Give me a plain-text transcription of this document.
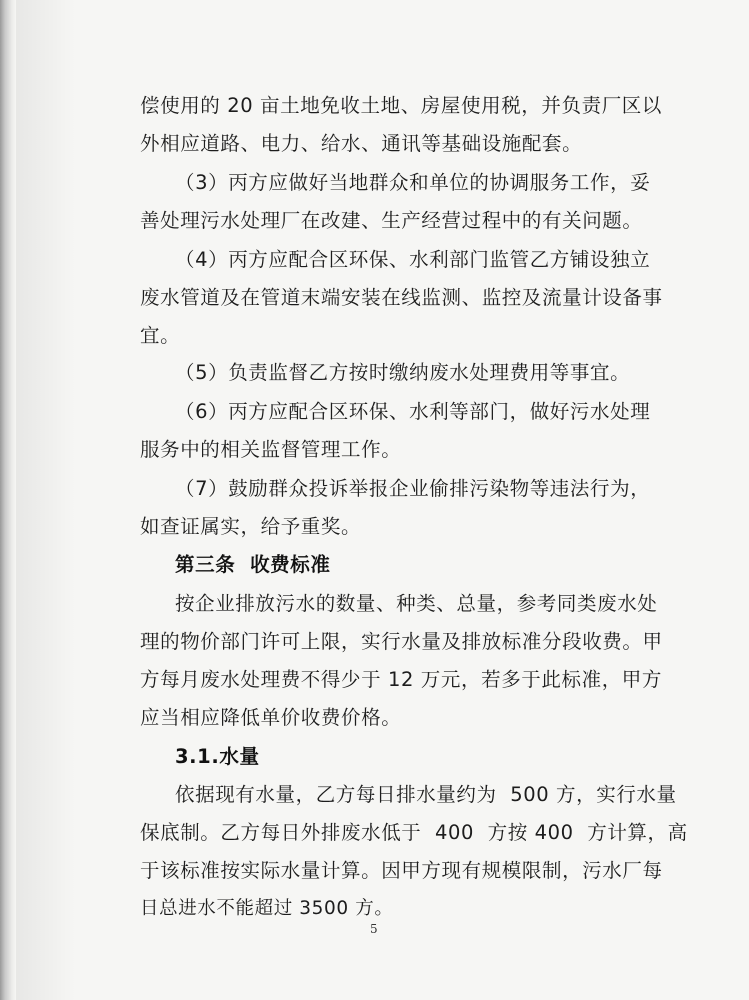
偿使用的 20 亩土地免收土地、房屋使用税，并负责厂区以
外相应道路、电力、给水、通讯等基础设施配套。
（3）丙方应做好当地群众和单位的协调服务工作，妥
善处理污水处理厂在改建、生产经营过程中的有关问题。
（4）丙方应配合区环保、水利部门监管乙方铺设独立
废水管道及在管道末端安装在线监测、监控及流量计设备事
宜。
（5）负责监督乙方按时缴纳废水处理费用等事宜。
（6）丙方应配合区环保、水利等部门，做好污水处理
服务中的相关监督管理工作。
（7）鼓励群众投诉举报企业偷排污染物等违法行为，
如查证属实，给予重奖。
第三条  收费标准
按企业排放污水的数量、种类、总量，参考同类废水处
理的物价部门许可上限，实行水量及排放标准分段收费。甲
方每月废水处理费不得少于 12 万元，若多于此标准，甲方
应当相应降低单价收费价格。
3.1.水量
依据现有水量，乙方每日排水量约为  500 方，实行水量
保底制。乙方每日外排废水低于  400  方按 400  方计算，高
于该标准按实际水量计算。因甲方现有规模限制，污水厂每
日总进水不能超过 3500 方。
5
